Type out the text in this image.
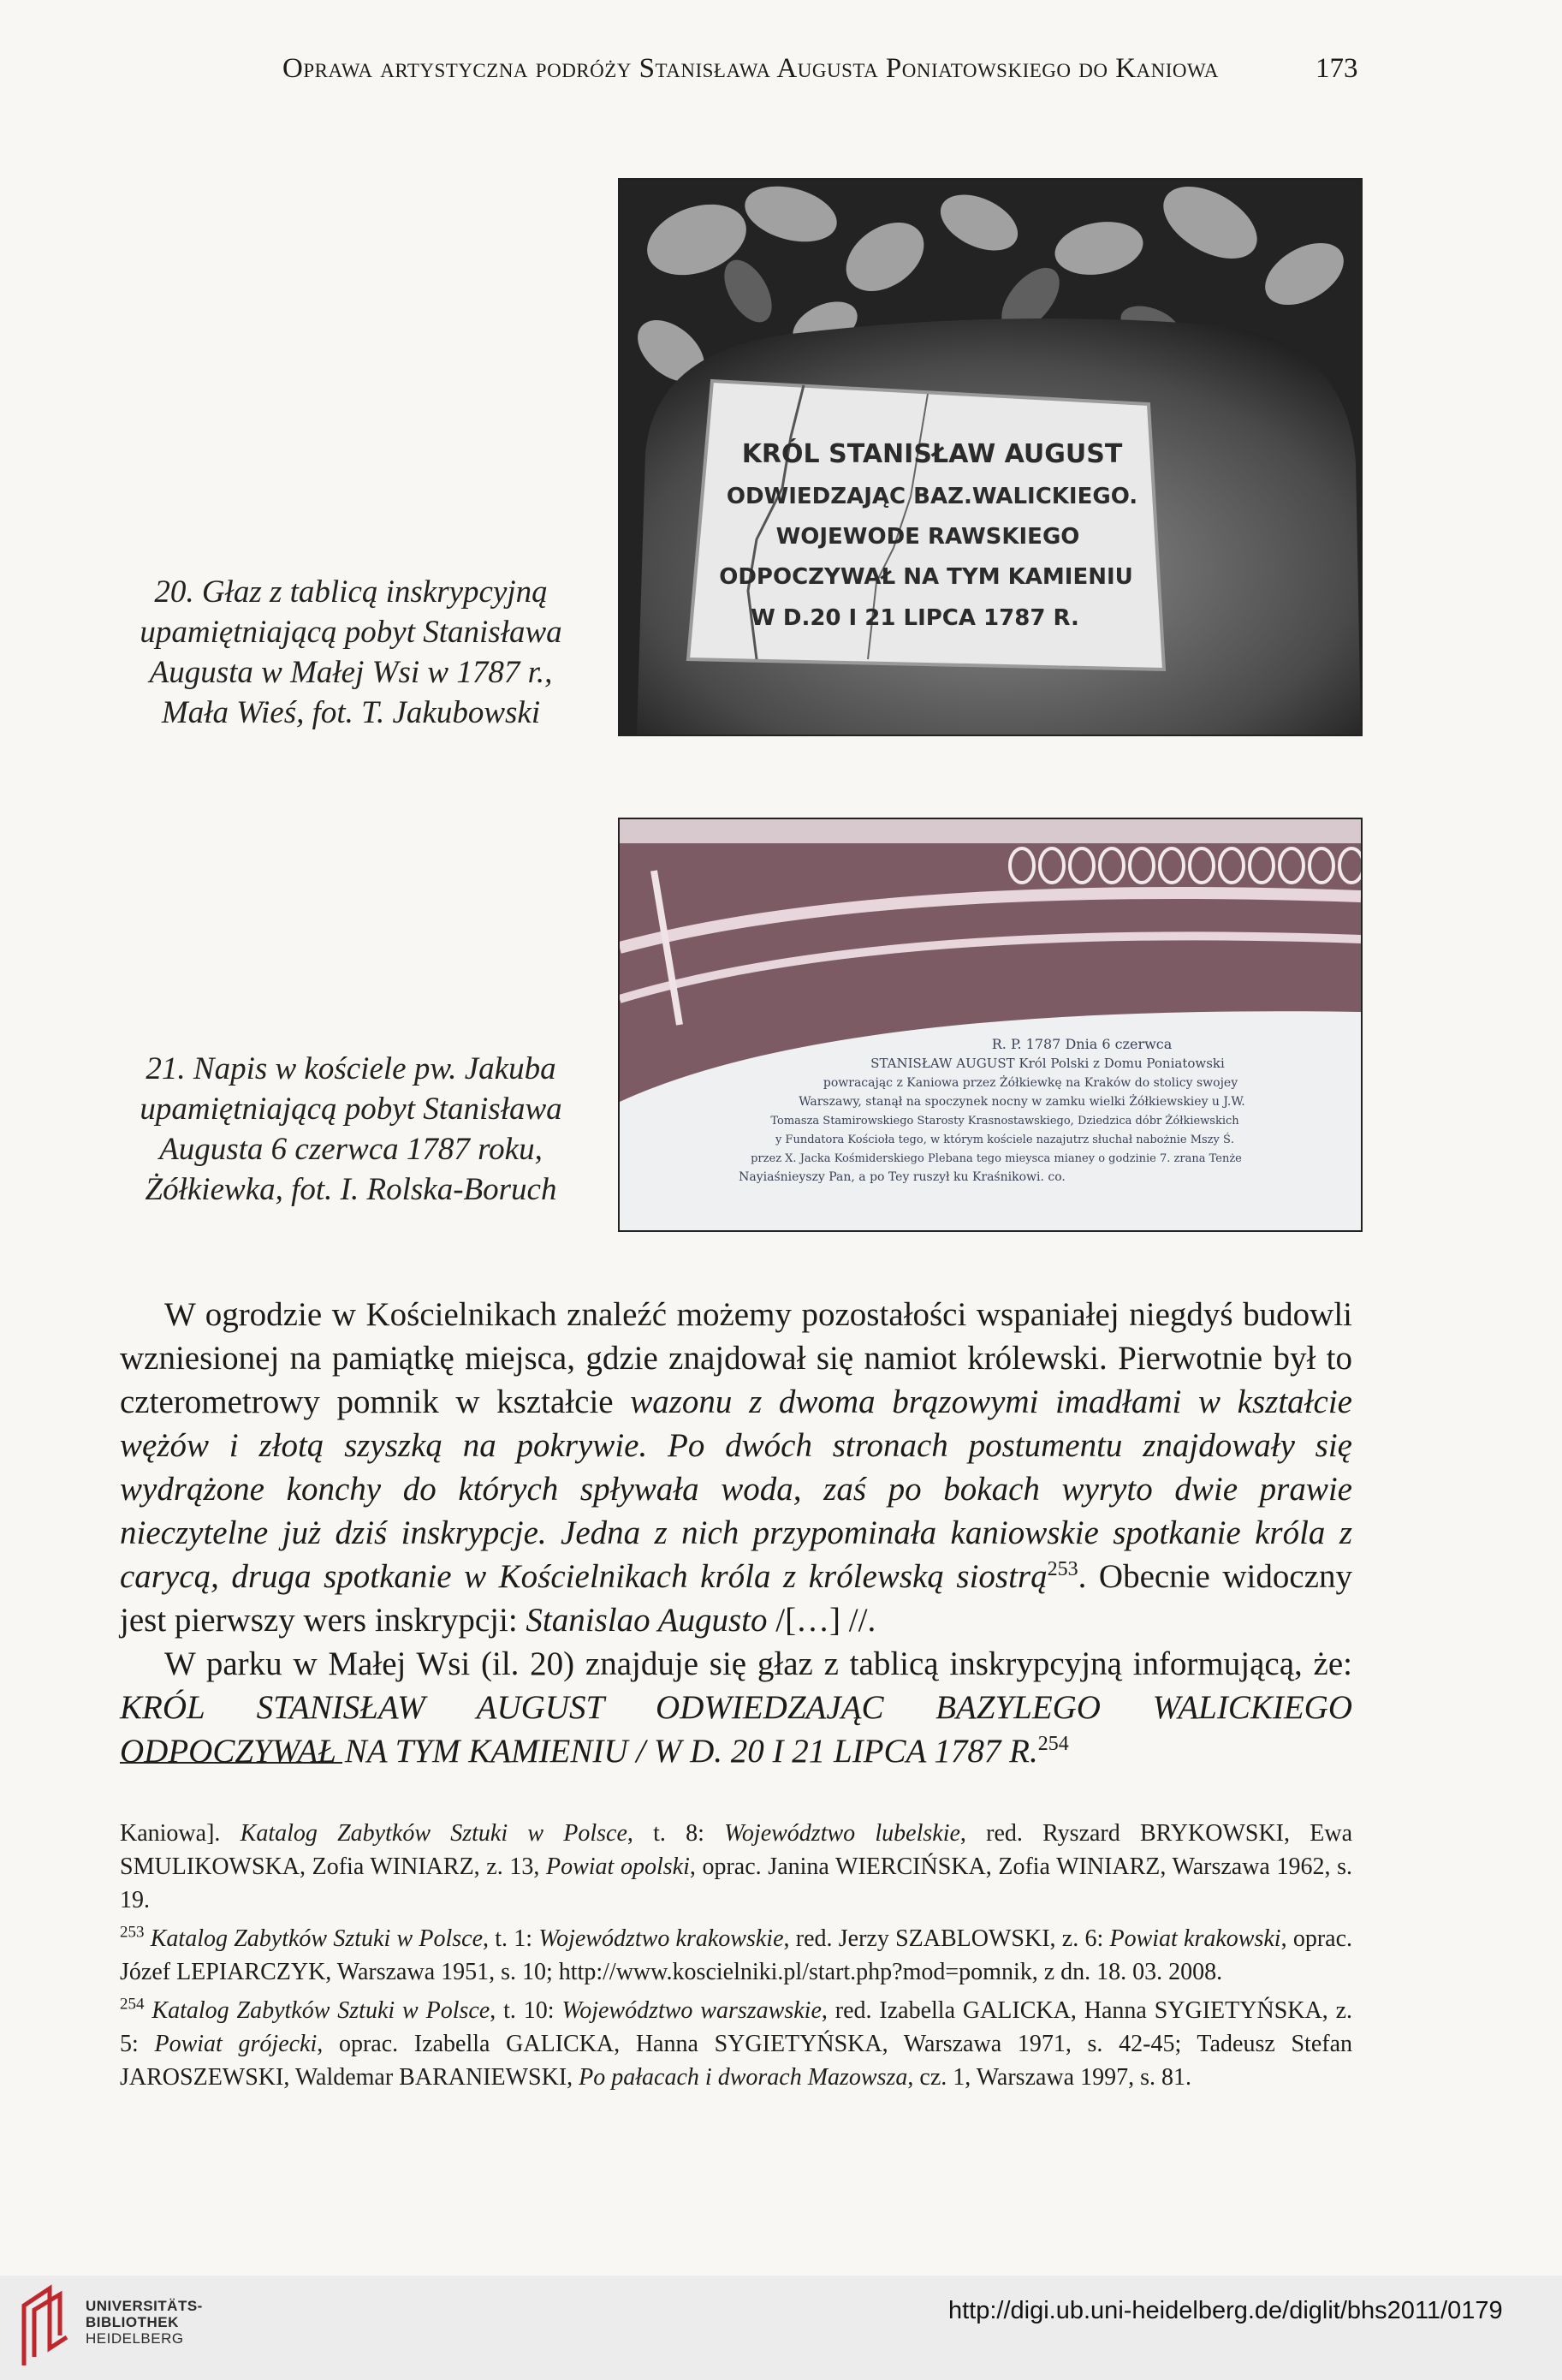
Oprawa artystyczna podróży Stanisława Augusta Poniatowskiego do Kaniowa	173
KRÓL STANISŁAW AUGUST
ODWIEDZAJĄC BAZ.WALICKIEGO.
WOJEWODE RAWSKIEGO
ODPOCZYWAŁ NA TYM KAMIENIU
W D.20 I 21 LIPCA 1787 R.
20. Głaz z tablicą inskrypcyjną
upamiętniającą pobyt Stanisława
Augusta w Małej Wsi w 1787 r.,
Mała Wieś, fot. T. Jakubowski
R. P. 1787 Dnia 6 czerwca
STANISŁAW AUGUST Król Polski z Domu Poniatowski
powracając z Kaniowa przez Żółkiewkę na Kraków do stolicy swojey
Warszawy, stanął na spoczynek nocny w zamku wielki Żółkiewskiey u J.W.
Tomasza Stamirowskiego Starosty Krasnostawskiego, Dziedzica dóbr Żółkiewskich
y Fundatora Kościoła tego, w którym kościele nazajutrz słuchał nabożnie Mszy Ś.
przez X. Jacka Kośmiderskiego Plebana tego mieysca mianey o godzinie 7. zrana Tenże
Nayiaśnieyszy Pan, a po Tey ruszył ku Kraśnikowi. co.
21. Napis w kościele pw. Jakuba
upamiętniającą pobyt Stanisława
Augusta 6 czerwca 1787 roku,
Żółkiewka, fot. I. Rolska-Boruch

W ogrodzie w Kościelnikach znaleźć możemy pozostałości wspaniałej niegdyś budowli wzniesionej na pamiątkę miejsca, gdzie znajdował się namiot królewski. Pierwotnie był to czterometrowy pomnik w kształcie wazonu z dwoma brązowymi imadłami w kształcie wężów i złotą szyszką na pokrywie. Po dwóch stronach postumentu znajdowały się wydrążone konchy do których spływała woda, zaś po bokach wyryto dwie prawie nieczytelne już dziś inskrypcje. Jedna z nich przypominała kaniowskie spotkanie króla z carycą, druga spotkanie w Kościelnikach króla z królewską siostrą$^{253}$. Obecnie widoczny jest pierwszy wers inskrypcji: Stanislao Augusto /[…] //.

W parku w Małej Wsi (il. 20) znajduje się głaz z tablicą inskrypcyjną informującą, że: KRÓL STANISŁAW AUGUST ODWIEDZAJĄC BAZYLEGO WALICKIEGO ODPOCZYWAŁ NA TYM KAMIENIU / W D. 20 I 21 LIPCA 1787 R.$^{254}$

Kaniowa]. Katalog Zabytków Sztuki w Polsce, t. 8: Województwo lubelskie, red. Ryszard BRYKOWSKI, Ewa SMULIKOWSKA, Zofia WINIARZ, z. 13, Powiat opolski, oprac. Janina WIERCIŃSKA, Zofia WINIARZ, Warszawa 1962, s. 19.

$^{253}$ Katalog Zabytków Sztuki w Polsce, t. 1: Województwo krakowskie, red. Jerzy SZABLOWSKI, z. 6: Powiat krakowski, oprac. Józef LEPIARCZYK, Warszawa 1951, s. 10; http://www.koscielniki.pl/start.php?mod=pomnik, z dn. 18. 03. 2008.

$^{254}$ Katalog Zabytków Sztuki w Polsce, t. 10: Województwo warszawskie, red. Izabella GALICKA, Hanna SYGIETYŃSKA, z. 5: Powiat grójecki, oprac. Izabella GALICKA, Hanna SYGIETYŃSKA, Warszawa 1971, s. 42-45; Tadeusz Stefan JAROSZEWSKI, Waldemar BARANIEWSKI, Po pałacach i dworach Mazowsza, cz. 1, Warszawa 1997, s. 81.

UNIVERSITÄTS-
BIBLIOTHEK
HEIDELBERG
http://digi.ub.uni-heidelberg.de/diglit/bhs2011/0179
